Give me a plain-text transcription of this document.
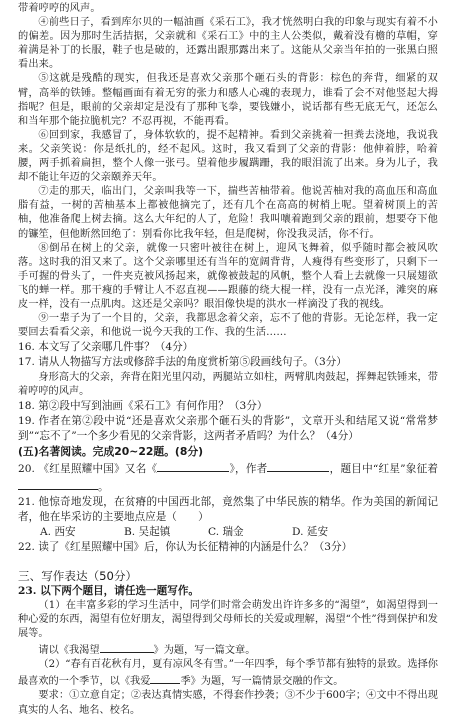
带着哼哼的风声。

④前些日子，看到库尔贝的一幅油画《采石工》，我才恍然明白我的印象与现实有着不小的偏差。因为那时生活拮据，父亲就和《采石工》中的主人公类似，戴着没有檐的草帽，穿着满是补丁的长服，鞋子也是破的，还露出跟那露出来了。这能从父亲当年拍的一张黑白照看出来。

⑤这就是残酷的现实，但我还是喜欢父亲那个砸石头的背影：棕色的奔背，细紧的双臂，高举的铁锤。整幅画面有着无穷的张力和感人心魂的表现力，谁看了会不对他竖起大拇指呢？但是，眼前的父亲却定是没有了那种飞拳，要钱嫌小，说话都有些无底无气，还怎么和当年那个能拉脆机完？不忍再视，不能再看。

⑥回到家，我感冒了，身体软软的，提不起精神。看到父亲挑着一担粪去浇地，我说我来。父亲笑说：你是纸扎的，经不起风。这时，我又看到了父亲的背影：他伸着脖，哈着腰，两手抓着扁担，整个人像一张弓。望着他步履蹒跚，我的眼泪流了出来。身为儿子，我却不能让年迈的父亲颐养天年。

⑦走的那天，临出门，父亲叫我等一下，揣些苦柚带着。他说苦柚对我的高血压和高血脂有益，一树的苦柚基本上都被他摘完了，还有几个在高高的树梢上呢。望着树顶上的苦柚，他准备爬上树去摘。这么大年纪的人了，危险！我叫嚷着跑到父亲的跟前，想要夺下他的镰笙，但他断然回绝了：别看你比我年轻，但是爬树，你没我灵活，你不行。

⑧倒吊在树上的父亲，就像一只密叶被往在树上，迎风飞舞着，似乎随时都会被风吹落。这时我的泪又来了。这个父亲哪里还有当年的宽阔背背，人瘦得有些变形了，只剩下一手可握的骨头了，一件夹克被风扬起来，就像被鼓起的风帆，整个人看上去就像一只展翅欲飞的蝉一样。那干瘦的手臂让人不忍直视——跟藤的绕大棍一样，没有一点光泽，滩突的麻皮一样，没有一点肌肉。这还是父亲吗？眼泪像快堤的洪水一样滴没了我的视线。

⑨一辈子为了一个目的，父亲，我都思念着父亲，忘不了他的背影。无论怎样，我一定要回去看看父亲，和他说一说今天我的工作、我的生活……

16. 本文写了父亲哪几件事？（4分）

17. 请从人物描写方法或修辞手法的角度赏析第⑤段画线句子。（3分）

身形高大的父亲，奔背在阳光里闪动，两腿站立如柱，两臂肌肉鼓起，挥舞起铁锤来，带着哼哼的风声。

18. 第②段中写到油画《采石工》有何作用？（3分）

19. 作者在第②段中说“还是喜欢父亲那个砸石头的背影”，文章开头和结尾又说“常常梦到”“忘不了”一个多少看见的父亲背影，这两者矛盾吗？为什么？（4分）

(五)名著阅读。完成20~22题。(8分)

20. 《红星照耀中国》又名《	》，作者	，题目中“红星”象征着。

21. 他惊奇地发现，在贫瘠的中国西北部，竟然集了中华民族的精华。作为美国的新闻记者，他在毕采访的主要地点应是（　　）

A. 西安	B. 吴起镇	C. 瑞金	D. 延安

22. 读了《红星照耀中国》后，你认为长征精神的内涵是什么？（3分）

三、写作表达（50分）

23. 以下两个题目，请任选一题写作。

（1）在丰富多彩的学习生活中，同学们时常会萌发出许许多多的“渴望”，如渴望得到一种心爱的东西，渴望有位好朋友，渴望得到父母师长的关爱或理解，渴望“个性”得到保护和发展等。

请以《我渴望	》为题，写一篇文章。

（2）“春有百花秋有月，夏有凉风冬有雪。”一年四季，每个季节都有独特的景致。选择你最喜欢的一个季节，以《我爱	季》为题，写一篇情景交融的作文。

要求：①立意自定；②表达真情实感，不得套作抄袭；③不少于600字；④文中不得出现真实的人名、地名、校名。
